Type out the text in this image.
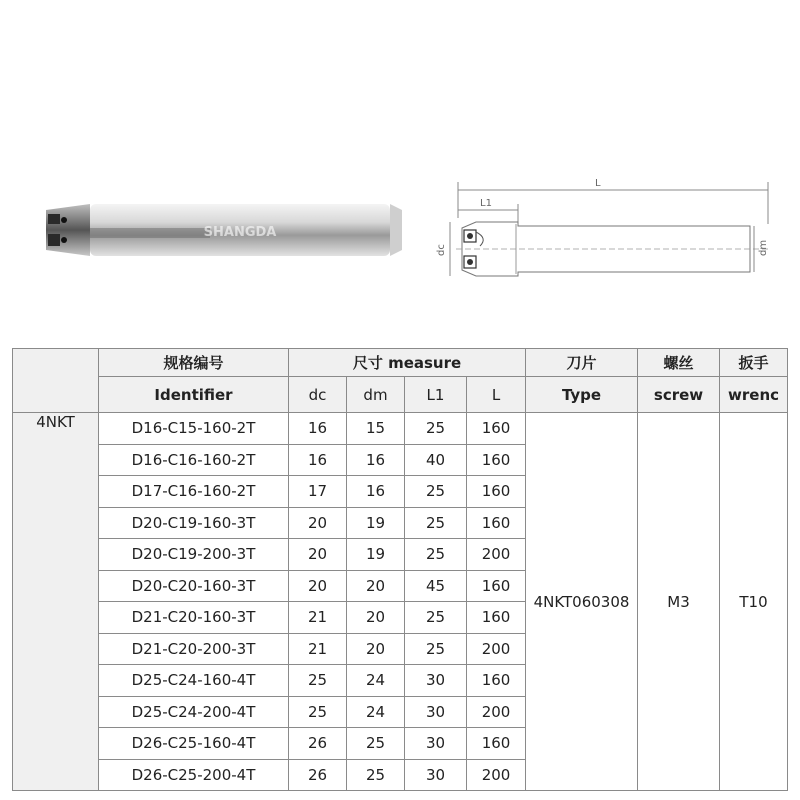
SHANGDA
L
L1
dc	dm
	规格编号	尺寸 measure				刀片	螺丝	扳手
	Identifier	dc	dm	L1	L	Type	screw	wrenc
4NKT	D16-C15-160-2T	16	15	25	160	4NKT060308	M3	T10
	D16-C16-160-2T	16	16	40	160			
	D17-C16-160-2T	17	16	25	160			
	D20-C19-160-3T	20	19	25	160			
	D20-C19-200-3T	20	19	25	200			
	D20-C20-160-3T	20	20	45	160			
	D21-C20-160-3T	21	20	25	160			
	D21-C20-200-3T	21	20	25	200			
	D25-C24-160-4T	25	24	30	160			
	D25-C24-200-4T	25	24	30	200			
	D26-C25-160-4T	26	25	30	160			
	D26-C25-200-4T	26	25	30	200			
